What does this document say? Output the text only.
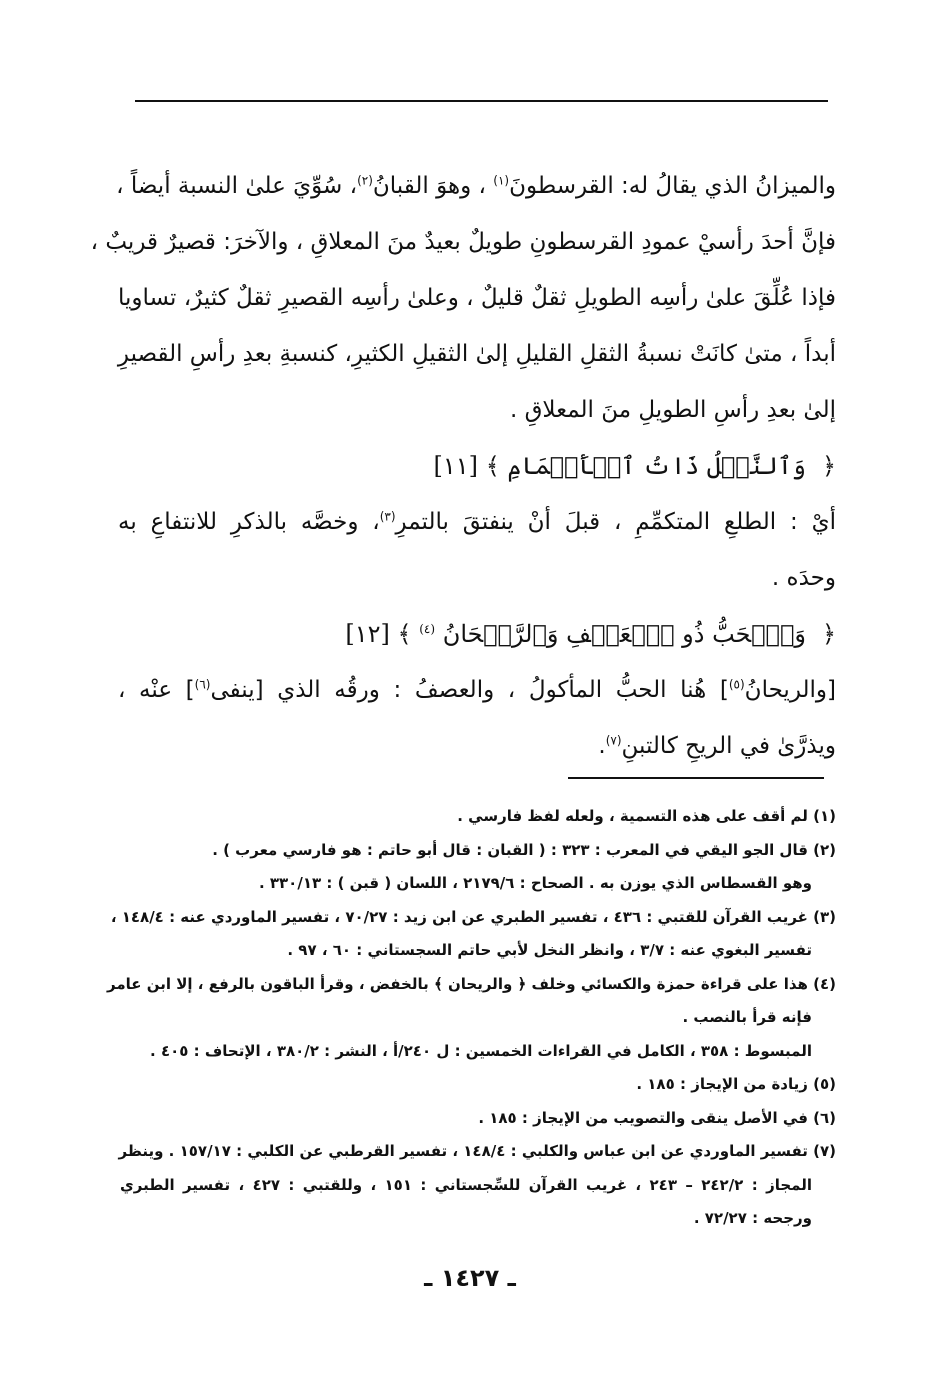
والميزانُ الذي يقالُ له: القرسطونَ$^{(١)}$ ، وهوَ القبانُ$^{(٢)}$، سُوِّيَ علىٰ النسبة أيضاً ،
فإنَّ أحدَ رأسيْ عمودِ القرسطونِ طويلٌ بعيدٌ منَ المعلاقِ ، والآخرَ: قصيرٌ قريبٌ ،
فإذا عُلِّقَ علىٰ رأسِه الطويلِ ثقلٌ قليلٌ ، وعلىٰ رأسِه القصيرِ ثقلٌ كثيرٌ، تساويا
أبداً ، متىٰ كانَتْ نسبةُ الثقلِ القليلِ إلىٰ الثقيلِ الكثيرِ، كنسبةِ بعدِ رأسِ القصيرِ
إلىٰ بعدِ رأسِ الطويلِ منَ المعلاقِ .
﴿وَٱلنَّخۡلُ ذَاتُ ٱلۡأَكۡمَامِ ﴾ [١١]
أيْ : الطلعِ المتكمِّمِ ، قبلَ أنْ ينفتقَ بالتمرِ$^{(٣)}$، وخصَّه بالذكرِ للانتفاعِ به
وحدَه .
﴿وَٱلۡحَبُّ ذُو ٱلۡعَصۡفِ وَٱلرَّيۡحَانُ $^{(٤)}$ ﴾ [١٢]
[والريحانُ$^{(٥)}$] هُنا الحبُّ المأكولُ ، والعصفُ : ورقُه الذي [ينفى$^{(٦)}$] عنْه ،
ويذرَّىٰ في الريحِ كالتبنِ$^{(٧)}$.
(١) لم أقف على هذه التسمية ، ولعله لفظ فارسي .
(٢) قال الجو اليقي في المعرب : ٣٢٣ : ( القبان : قال أبو حاتم : هو فارسي معرب ) .
وهو القسطاس الذي يوزن به . الصحاح : ٢١٧٩/٦ ، اللسان ( قبن ) : ٣٣٠/١٣ .
(٣) غريب القرآن للقتبي : ٤٣٦ ، تفسير الطبري عن ابن زيد : ٧٠/٢٧ ، تفسير الماوردي عنه : ١٤٨/٤ ،
تفسير البغوي عنه : ٣/٧ ، وانظر النخل لأبي حاتم السجستاني : ٦٠ ، ٩٧ .
(٤) هذا على قراءة حمزة والكسائي وخلف ﴿ والريحان ﴾ بالخفض ، وقرأ الباقون بالرفع ، إلا ابن عامر
فإنه قرأ بالنصب .
المبسوط : ٣٥٨ ، الكامل في القراءات الخمسين : ل ٢٤٠/أ ، النشر : ٣٨٠/٢ ، الإتحاف : ٤٠٥ .
(٥) زيادة من الإيجاز : ١٨٥ .
(٦) في الأصل ينقى والتصويب من الإيجاز : ١٨٥ .
(٧) تفسير الماوردي عن ابن عباس والكلبي : ١٤٨/٤ ، تفسير القرطبي عن الكلبي : ١٥٧/١٧ . وينظر
المجاز : ٢٤٢/٢ – ٢٤٣ ، غريب القرآن للسِّجستاني : ١٥١ ، وللقتبي : ٤٢٧ ، تفسير الطبري
ورجحه : ٧٢/٢٧ .
ـ ١٤٢٧ ـ
